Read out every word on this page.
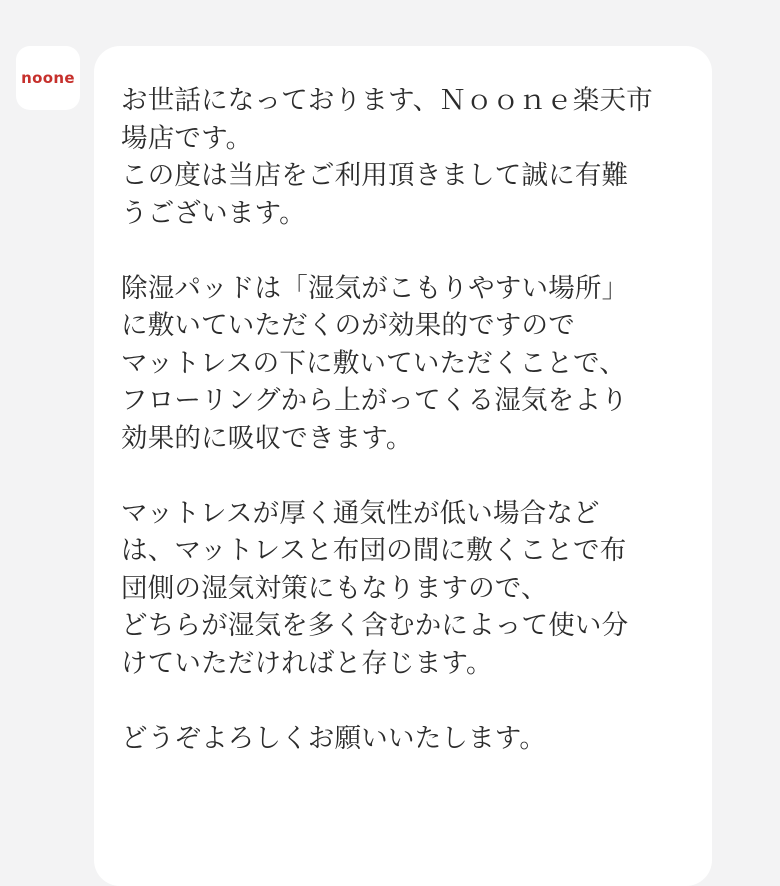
noone
お世話になっております、Ｎｏｏｎｅ楽天市
場店です。
この度は当店をご利用頂きまして誠に有難
うございます。
除湿パッドは「湿気がこもりやすい場所」
に敷いていただくのが効果的ですので
マットレスの下に敷いていただくことで、
フローリングから上がってくる湿気をより
効果的に吸収できます。
マットレスが厚く通気性が低い場合など
は、マットレスと布団の間に敷くことで布
団側の湿気対策にもなりますので、
どちらが湿気を多く含むかによって使い分
けていただければと存じます。
どうぞよろしくお願いいたします。
